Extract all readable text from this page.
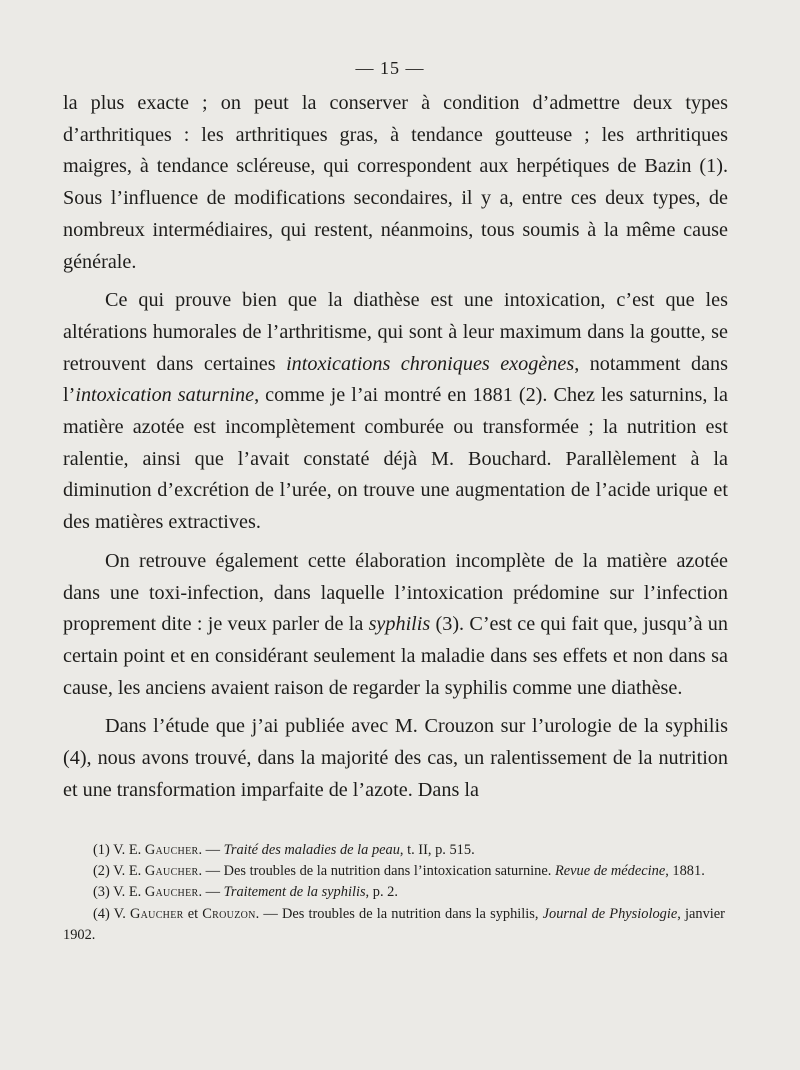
— 15 —

la plus exacte ; on peut la conserver à condition d’admettre deux types d’arthritiques : les arthritiques gras, à tendance goutteuse ; les arthritiques maigres, à tendance scléreuse, qui correspondent aux herpétiques de Bazin (1). Sous l’influence de modifications secondaires, il y a, entre ces deux types, de nombreux intermédiaires, qui restent, néanmoins, tous soumis à la même cause générale.

Ce qui prouve bien que la diathèse est une intoxication, c’est que les altérations humorales de l’arthritisme, qui sont à leur maximum dans la goutte, se retrouvent dans certaines intoxications chroniques exogènes, notamment dans l’intoxication saturnine, comme je l’ai montré en 1881 (2). Chez les saturnins, la matière azotée est incomplètement comburée ou transformée ; la nutrition est ralentie, ainsi que l’avait constaté déjà M. Bouchard. Parallèlement à la diminution d’excrétion de l’urée, on trouve une augmentation de l’acide urique et des matières extractives.

On retrouve également cette élaboration incomplète de la matière azotée dans une toxi-infection, dans laquelle l’intoxication prédomine sur l’infection proprement dite : je veux parler de la syphilis (3). C’est ce qui fait que, jusqu’à un certain point et en considérant seulement la maladie dans ses effets et non dans sa cause, les anciens avaient raison de regarder la syphilis comme une diathèse.

Dans l’étude que j’ai publiée avec M. Crouzon sur l’urologie de la syphilis (4), nous avons trouvé, dans la majorité des cas, un ralentissement de la nutrition et une transformation imparfaite de l’azote. Dans la

(1) V. E. Gaucher. — Traité des maladies de la peau, t. II, p. 515.

(2) V. E. Gaucher. — Des troubles de la nutrition dans l’intoxication saturnine. Revue de médecine, 1881.

(3) V. E. Gaucher. — Traitement de la syphilis, p. 2.

(4) V. Gaucher et Crouzon. — Des troubles de la nutrition dans la syphilis, Journal de Physiologie, janvier 1902.
